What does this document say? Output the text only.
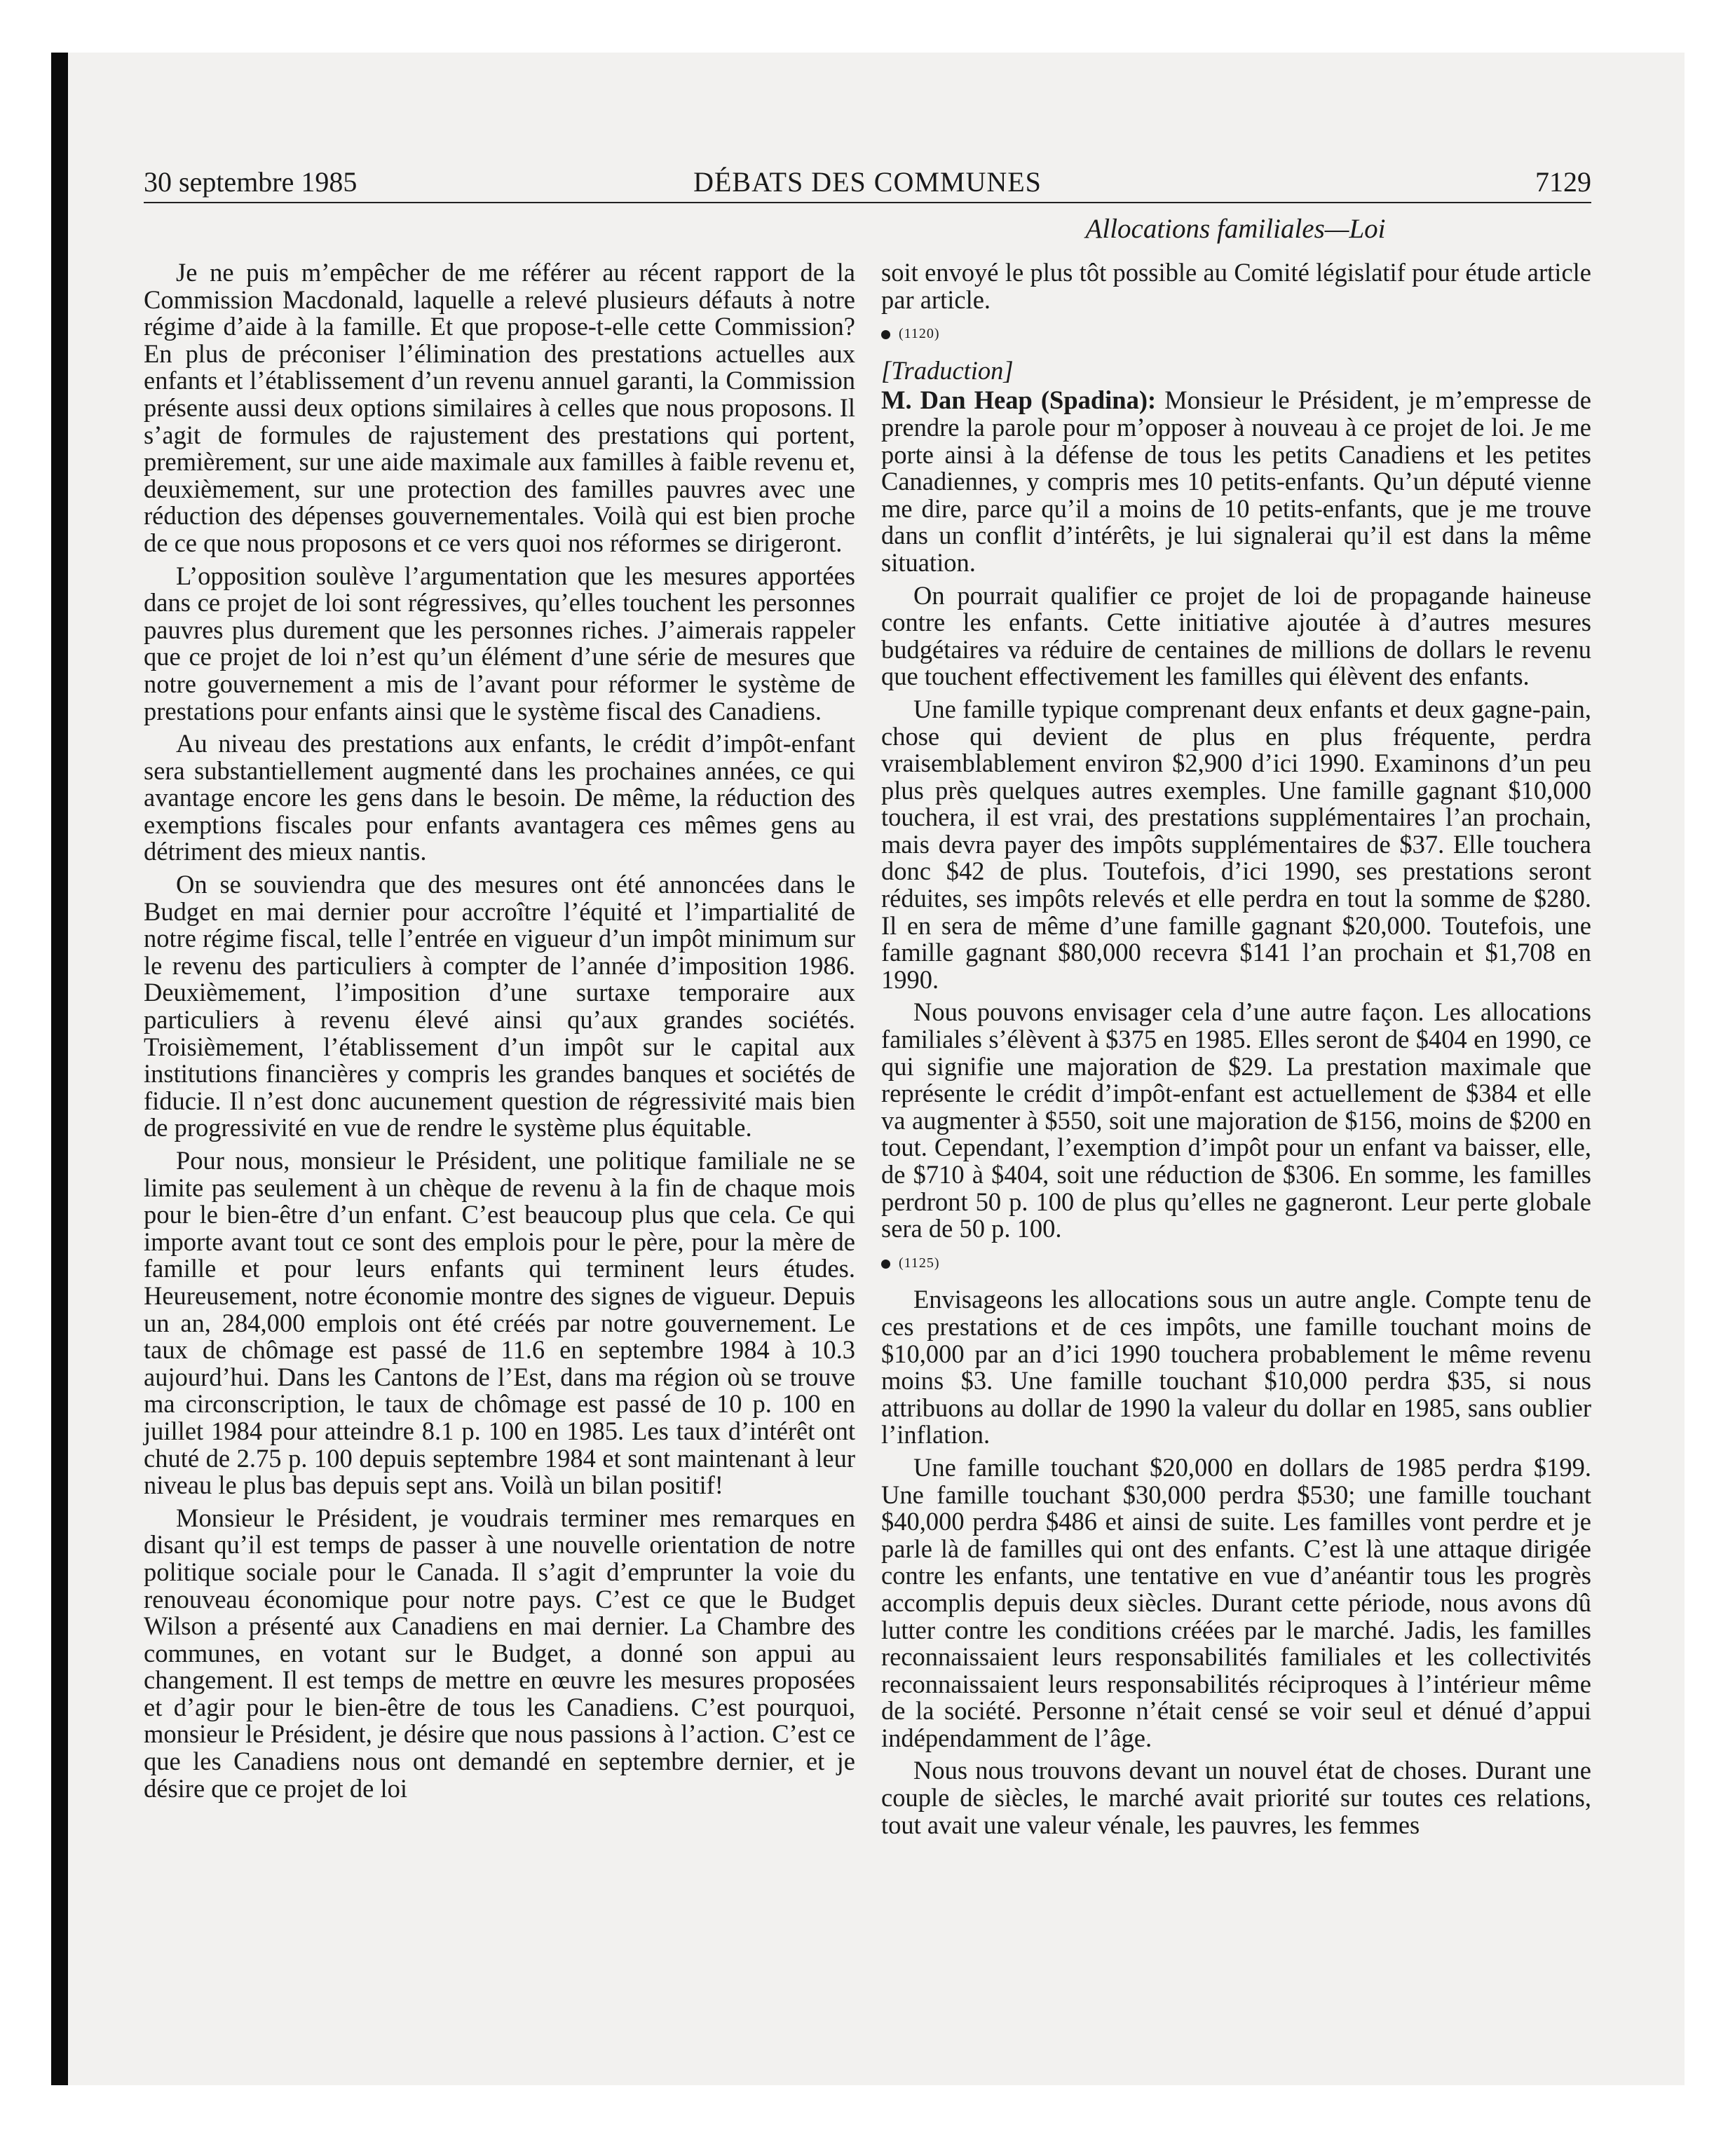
30 septembre 1985	DÉBATS DES COMMUNES	7129
Allocations familiales—Loi

Je ne puis m’empêcher de me référer au récent rapport de la Commission Macdonald, laquelle a relevé plusieurs défauts à notre régime d’aide à la famille. Et que propose-t-elle cette Commission? En plus de préconiser l’élimination des prestations actuelles aux enfants et l’établissement d’un revenu annuel garanti, la Commission présente aussi deux options similaires à celles que nous proposons. Il s’agit de formules de rajustement des prestations qui portent, premièrement, sur une aide maximale aux familles à faible revenu et, deuxièmement, sur une protection des familles pauvres avec une réduction des dépenses gouvernementales. Voilà qui est bien proche de ce que nous proposons et ce vers quoi nos réformes se dirigeront.

L’opposition soulève l’argumentation que les mesures apportées dans ce projet de loi sont régressives, qu’elles touchent les personnes pauvres plus durement que les personnes riches. J’aimerais rappeler que ce projet de loi n’est qu’un élément d’une série de mesures que notre gouvernement a mis de l’avant pour réformer le système de prestations pour enfants ainsi que le système fiscal des Canadiens.

Au niveau des prestations aux enfants, le crédit d’impôt-enfant sera substantiellement augmenté dans les prochaines années, ce qui avantage encore les gens dans le besoin. De même, la réduction des exemptions fiscales pour enfants avantagera ces mêmes gens au détriment des mieux nantis.

On se souviendra que des mesures ont été annoncées dans le Budget en mai dernier pour accroître l’équité et l’impartialité de notre régime fiscal, telle l’entrée en vigueur d’un impôt minimum sur le revenu des particuliers à compter de l’année d’imposition 1986. Deuxièmement, l’imposition d’une surtaxe temporaire aux particuliers à revenu élevé ainsi qu’aux grandes sociétés. Troisièmement, l’établissement d’un impôt sur le capital aux institutions financières y compris les grandes banques et sociétés de fiducie. Il n’est donc aucunement question de régressivité mais bien de progressivité en vue de rendre le système plus équitable.

Pour nous, monsieur le Président, une politique familiale ne se limite pas seulement à un chèque de revenu à la fin de chaque mois pour le bien-être d’un enfant. C’est beaucoup plus que cela. Ce qui importe avant tout ce sont des emplois pour le père, pour la mère de famille et pour leurs enfants qui terminent leurs études. Heureusement, notre économie montre des signes de vigueur. Depuis un an, 284,000 emplois ont été créés par notre gouvernement. Le taux de chômage est passé de 11.6 en septembre 1984 à 10.3 aujourd’hui. Dans les Cantons de l’Est, dans ma région où se trouve ma circonscription, le taux de chômage est passé de 10 p. 100 en juillet 1984 pour atteindre 8.1 p. 100 en 1985. Les taux d’intérêt ont chuté de 2.75 p. 100 depuis septembre 1984 et sont maintenant à leur niveau le plus bas depuis sept ans. Voilà un bilan positif!

Monsieur le Président, je voudrais terminer mes remarques en disant qu’il est temps de passer à une nouvelle orientation de notre politique sociale pour le Canada. Il s’agit d’emprunter la voie du renouveau économique pour notre pays. C’est ce que le Budget Wilson a présenté aux Canadiens en mai dernier. La Chambre des communes, en votant sur le Budget, a donné son appui au changement. Il est temps de mettre en œuvre les mesures proposées et d’agir pour le bien-être de tous les Canadiens. C’est pourquoi, monsieur le Président, je désire que nous passions à l’action. C’est ce que les Canadiens nous ont demandé en septembre dernier, et je désire que ce projet de loi

soit envoyé le plus tôt possible au Comité législatif pour étude article par article.

(1120)
[Traduction]

M. Dan Heap (Spadina): Monsieur le Président, je m’empresse de prendre la parole pour m’opposer à nouveau à ce projet de loi. Je me porte ainsi à la défense de tous les petits Canadiens et les petites Canadiennes, y compris mes 10 petits-enfants. Qu’un député vienne me dire, parce qu’il a moins de 10 petits-enfants, que je me trouve dans un conflit d’intérêts, je lui signalerai qu’il est dans la même situation.

On pourrait qualifier ce projet de loi de propagande haineuse contre les enfants. Cette initiative ajoutée à d’autres mesures budgétaires va réduire de centaines de millions de dollars le revenu que touchent effectivement les familles qui élèvent des enfants.

Une famille typique comprenant deux enfants et deux gagne-pain, chose qui devient de plus en plus fréquente, perdra vraisemblablement environ $2,900 d’ici 1990. Examinons d’un peu plus près quelques autres exemples. Une famille gagnant $10,000 touchera, il est vrai, des prestations supplémentaires l’an prochain, mais devra payer des impôts supplémentaires de $37. Elle touchera donc $42 de plus. Toutefois, d’ici 1990, ses prestations seront réduites, ses impôts relevés et elle perdra en tout la somme de $280. Il en sera de même d’une famille gagnant $20,000. Toutefois, une famille gagnant $80,000 recevra $141 l’an prochain et $1,708 en 1990.

Nous pouvons envisager cela d’une autre façon. Les allocations familiales s’élèvent à $375 en 1985. Elles seront de $404 en 1990, ce qui signifie une majoration de $29. La prestation maximale que représente le crédit d’impôt-enfant est actuellement de $384 et elle va augmenter à $550, soit une majoration de $156, moins de $200 en tout. Cependant, l’exemption d’impôt pour un enfant va baisser, elle, de $710 à $404, soit une réduction de $306. En somme, les familles perdront 50 p. 100 de plus qu’elles ne gagneront. Leur perte globale sera de 50 p. 100.

(1125)

Envisageons les allocations sous un autre angle. Compte tenu de ces prestations et de ces impôts, une famille touchant moins de $10,000 par an d’ici 1990 touchera probablement le même revenu moins $3. Une famille touchant $10,000 perdra $35, si nous attribuons au dollar de 1990 la valeur du dollar en 1985, sans oublier l’inflation.

Une famille touchant $20,000 en dollars de 1985 perdra $199. Une famille touchant $30,000 perdra $530; une famille touchant $40,000 perdra $486 et ainsi de suite. Les familles vont perdre et je parle là de familles qui ont des enfants. C’est là une attaque dirigée contre les enfants, une tentative en vue d’anéantir tous les progrès accomplis depuis deux siècles. Durant cette période, nous avons dû lutter contre les conditions créées par le marché. Jadis, les familles reconnaissaient leurs responsabilités familiales et les collectivités reconnaissaient leurs responsabilités réciproques à l’intérieur même de la société. Personne n’était censé se voir seul et dénué d’appui indépendamment de l’âge.

Nous nous trouvons devant un nouvel état de choses. Durant une couple de siècles, le marché avait priorité sur toutes ces relations, tout avait une valeur vénale, les pauvres, les femmes
